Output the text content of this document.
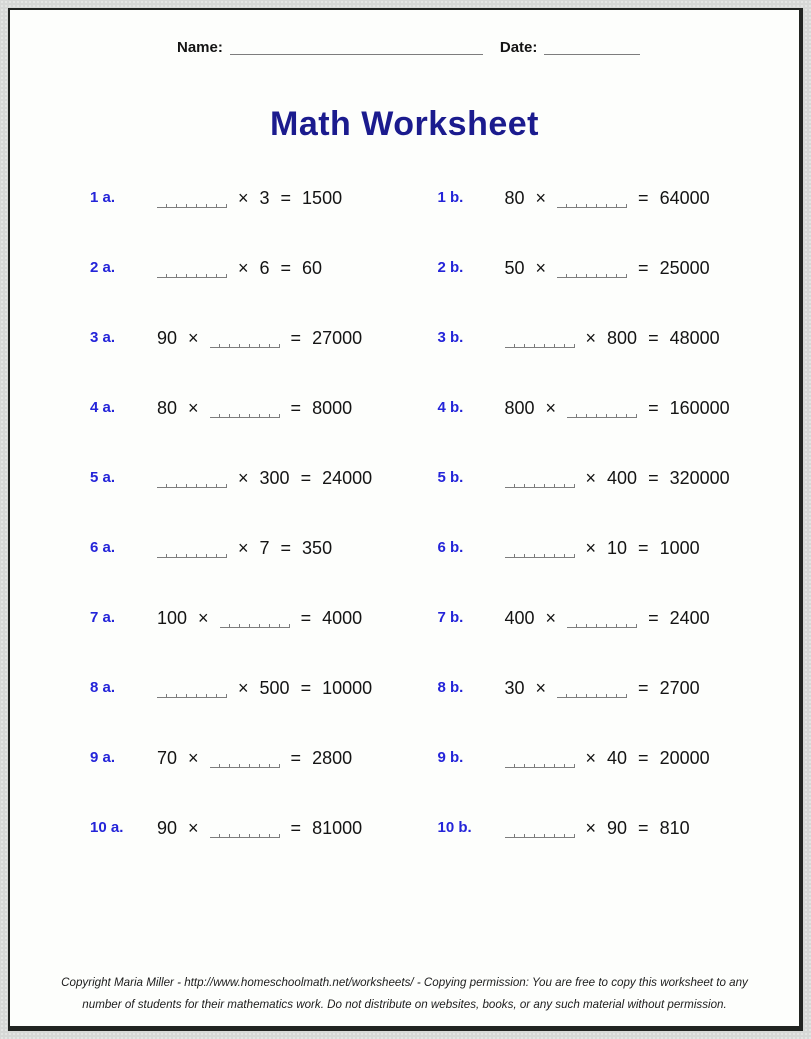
Name:	Date:
Math Worksheet
1 a.	× 3 = 1500	1 b.	80 ×	= 64000
2 a.	× 6 = 60	2 b.	50 ×	= 25000
3 a.	90 ×	= 27000	3 b.	× 800 = 48000
4 a.	80 ×	= 8000	4 b.	800 ×	= 160000
5 a.	× 300 = 24000	5 b.	× 400 = 320000
6 a.	× 7 = 350	6 b.	× 10 = 1000
7 a.	100 ×	= 4000	7 b.	400 ×	= 2400
8 a.	× 500 = 10000	8 b.	30 ×	= 2700
9 a.	70 ×	= 2800	9 b.	× 40 = 20000
10 a.	90 ×	= 81000	10 b.	× 90 = 810
Copyright Maria Miller - http://www.homeschoolmath.net/worksheets/ - Copying permission: You are free to copy this worksheet to any
number of students for their mathematics work. Do not distribute on websites, books, or any such material without permission.
